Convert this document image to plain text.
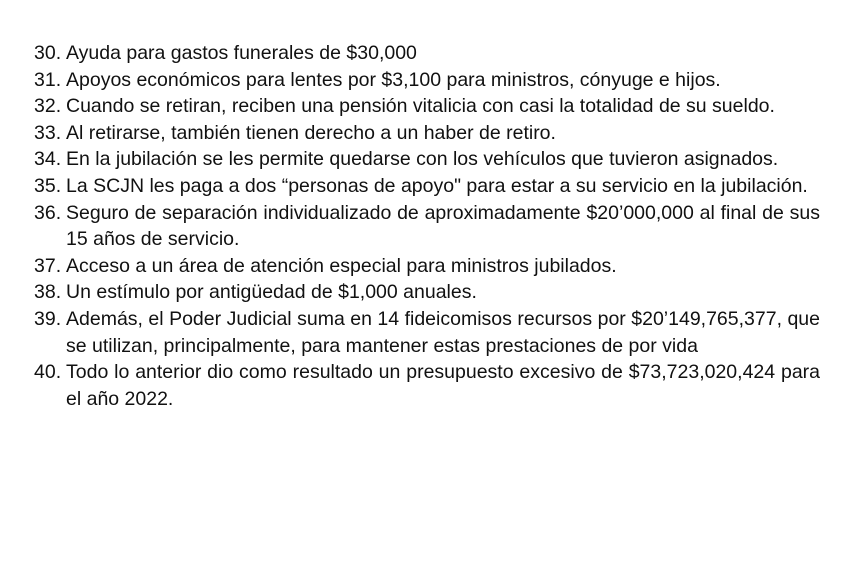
30. Ayuda para gastos funerales de $30,000
31. Apoyos económicos para lentes por $3,100 para ministros, cónyuge e hijos.
32. Cuando se retiran, reciben una pensión vitalicia con casi la totalidad de su sueldo.
33. Al retirarse, también tienen derecho a un haber de retiro.
34. En la jubilación se les permite quedarse con los vehículos que tuvieron asignados.
35. La SCJN les paga a dos “personas de apoyo" para estar a su servicio en la jubilación.
36. Seguro de separación individualizado de aproximadamente $20’000,000 al final de sus 15 años de servicio.
37. Acceso a un área de atención especial para ministros jubilados.
38. Un estímulo por antigüedad de $1,000 anuales.
39. Además, el Poder Judicial suma en 14 fideicomisos recursos por $20’149,765,377, que se utilizan, principalmente, para mantener estas prestaciones de por vida
40. Todo lo anterior dio como resultado un presupuesto excesivo de $73,723,020,424 para el año 2022.
